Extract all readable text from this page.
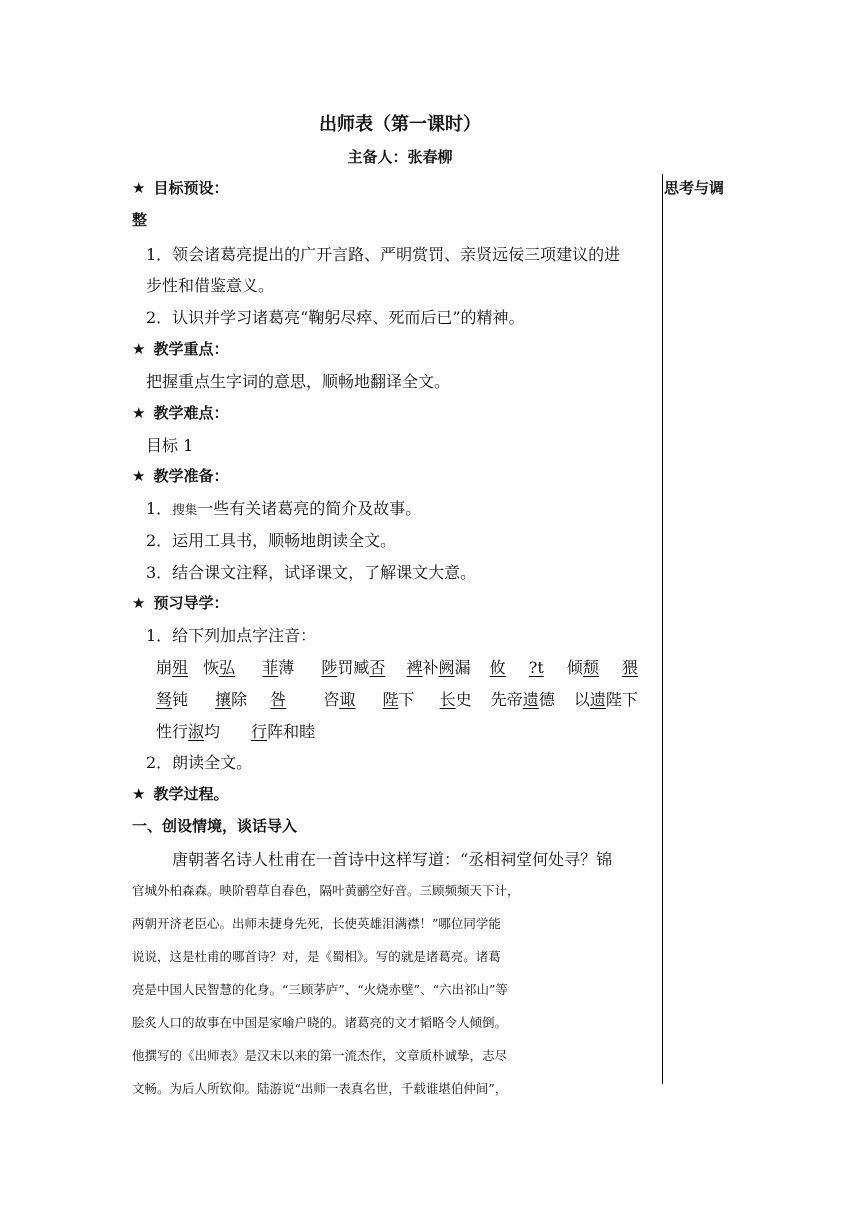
出师表（第一课时）
主备人：张春柳
思考与调
★ 目标预设：
整
1．领会诸葛亮提出的广开言路、严明赏罚、亲贤远佞三项建议的进
步性和借鉴意义。
2．认识并学习诸葛亮“鞠躬尽瘁、死而后已”的精神。
★ 教学重点：
把握重点生字词的意思，顺畅地翻译全文。
★ 教学难点：
目标 1
★ 教学准备：
1．搜集一些有关诸葛亮的简介及故事。
2．运用工具书，顺畅地朗读全文。
3．结合课文注释，试译课文，了解课文大意。
★ 预习导学：
1．给下列加点字注音：
崩殂 恢弘 菲薄 陟罚臧否 裨补阙漏 攸 ?t 倾颓 猥
驽钝 攘除 咎 咨诹 陛下 长史 先帝遗德 以遗陛下
性行淑均 行阵和睦
2．朗读全文。
★ 教学过程。
一、创设情境，谈话导入
唐朝著名诗人杜甫在一首诗中这样写道：“丞相祠堂何处寻？锦
官城外柏森森。映阶碧草自春色，隔叶黄鹂空好音。三顾频频天下计，
两朝开济老臣心。出师未捷身先死，长使英雄泪满襟！”哪位同学能
说说，这是杜甫的哪首诗？对，是《蜀相》。写的就是诸葛亮。诸葛
亮是中国人民智慧的化身。“三顾茅庐”、“火烧赤壁”、“六出祁山”等
脍炙人口的故事在中国是家喻户晓的。诸葛亮的文才韬略令人倾倒。
他撰写的《出师表》是汉末以来的第一流杰作，文章质朴诚挚，志尽
文畅。为后人所钦仰。陆游说“出师一表真名世，千载谁堪伯仲间”，
